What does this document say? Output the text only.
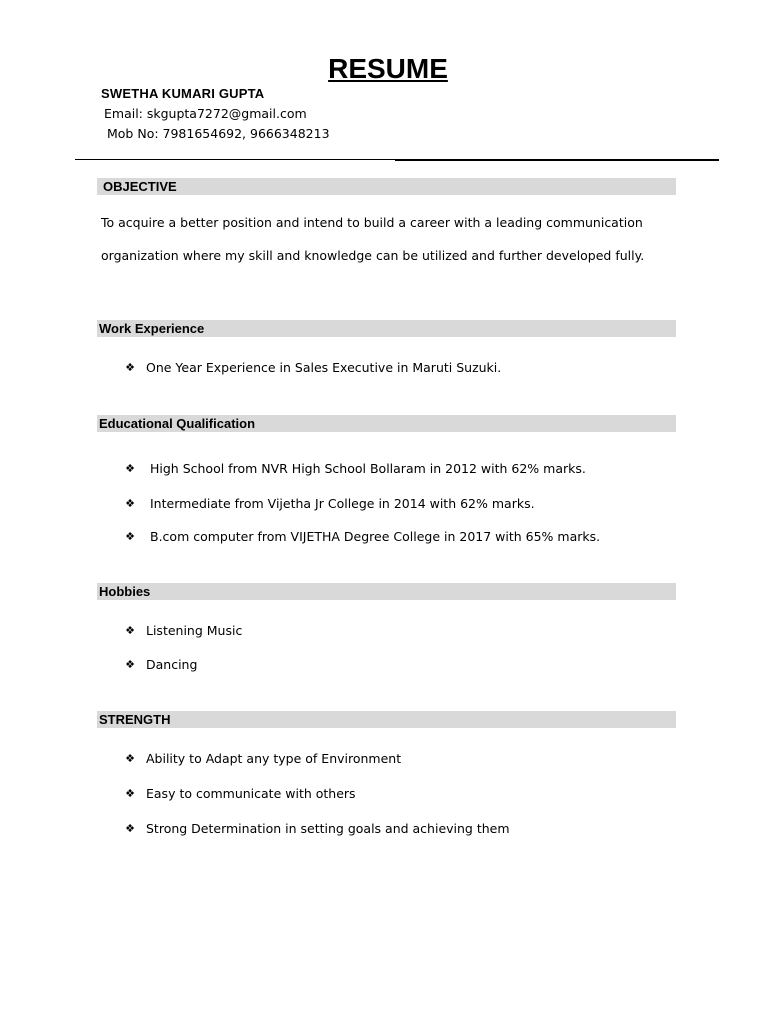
RESUME
SWETHA KUMARI GUPTA
Email: skgupta7272@gmail.com
Mob No: 7981654692, 9666348213
OBJECTIVE
To acquire a better position and intend to build a career with a leading communication
organization where my skill and knowledge can be utilized and further developed fully.
Work Experience
❖ One Year Experience in Sales Executive in Maruti Suzuki.
Educational Qualification
❖ High School from NVR High School Bollaram in 2012 with 62% marks.
❖ Intermediate from Vijetha Jr College in 2014 with 62% marks.
❖ B.com computer from VIJETHA Degree College in 2017 with 65% marks.
Hobbies
❖ Listening Music
❖ Dancing
STRENGTH
❖ Ability to Adapt any type of Environment
❖ Easy to communicate with others
❖ Strong Determination in setting goals and achieving them
